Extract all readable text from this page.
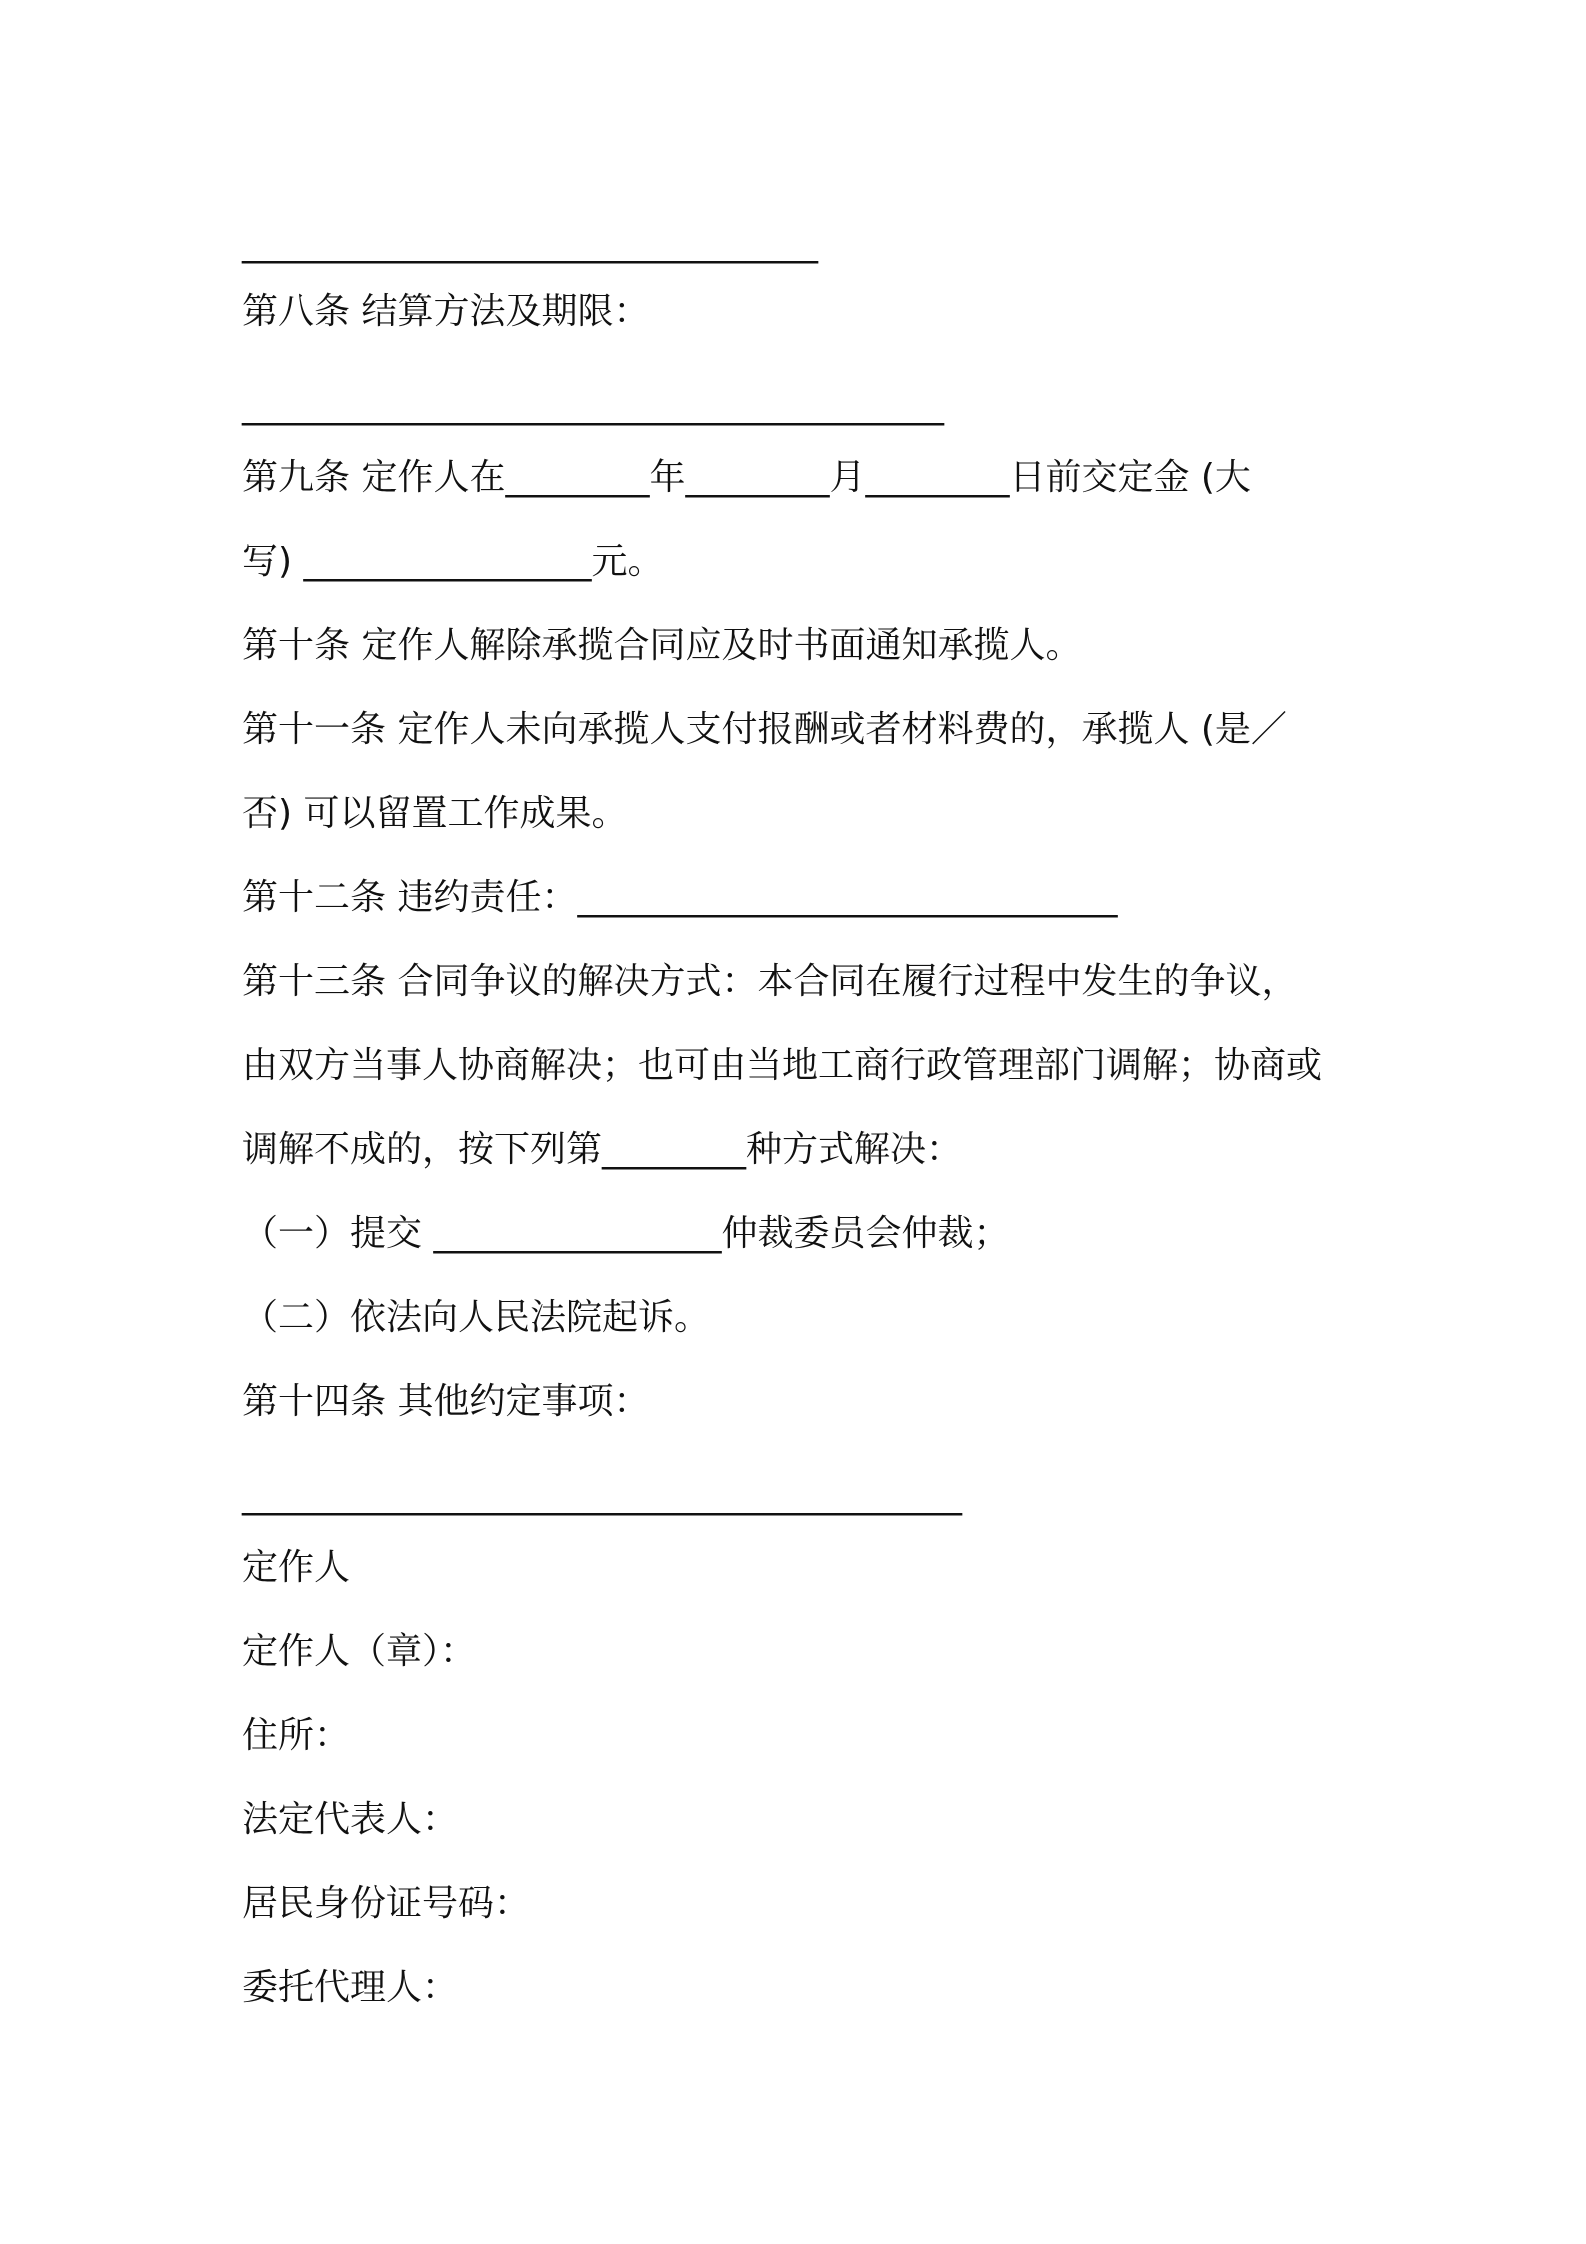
________________________________
第八条 结算方法及期限：
_______________________________________
第九条 定作人在________年________月________日前交定金 (大
写) ________________元。
第十条 定作人解除承揽合同应及时书面通知承揽人。
第十一条 定作人未向承揽人支付报酬或者材料费的，承揽人 (是／
否) 可以留置工作成果。
第十二条 违约责任：______________________________
第十三条 合同争议的解决方式：本合同在履行过程中发生的争议，
由双方当事人协商解决；也可由当地工商行政管理部门调解；协商或
调解不成的，按下列第________种方式解决：
（一）提交 ________________仲裁委员会仲裁；
（二）依法向人民法院起诉。
第十四条 其他约定事项：
________________________________________
定作人
定作人（章）：
住所：
法定代表人：
居民身份证号码：
委托代理人：
